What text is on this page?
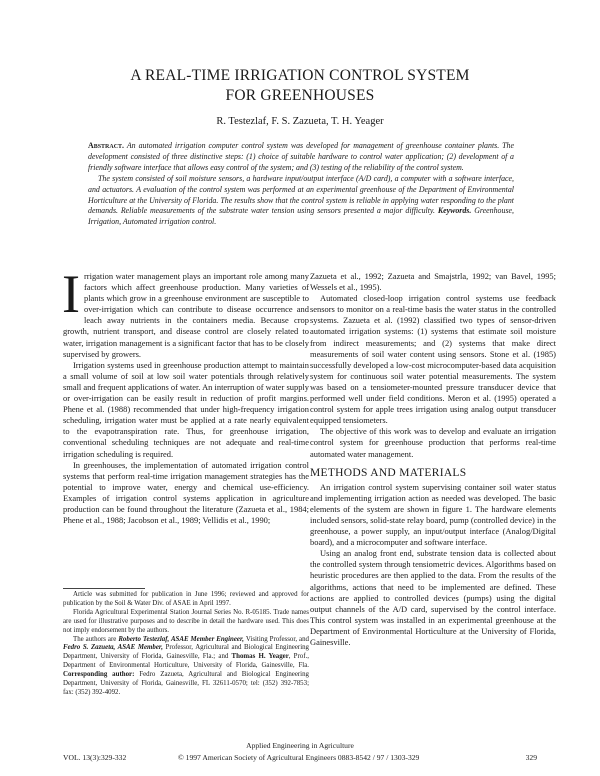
A REAL-TIME IRRIGATION CONTROL SYSTEM
FOR GREENHOUSES
R. Testezlaf, F. S. Zazueta, T. H. Yeager

Abstract. An automated irrigation computer control system was developed for management of greenhouse container plants. The development consisted of three distinctive steps: (1) choice of suitable hardware to control water application; (2) development of a friendly software interface that allows easy control of the system; and (3) testing of the reliability of the control system.

The system consisted of soil moisture sensors, a hardware input/output interface (A/D card), a computer with a software interface, and actuators. A evaluation of the control system was performed at an experimental greenhouse of the Department of Environmental Horticulture at the University of Florida. The results show that the control system is reliable in applying water responding to the plant demands. Reliable measurements of the substrate water tension using sensors presented a major difficulty. Keywords. Greenhouse, Irrigation, Automated irrigation control.

Irrigation water management plays an important role among many factors which affect greenhouse production. Many varieties of plants which grow in a greenhouse environment are susceptible to over-irrigation which can contribute to disease occurrence and leach away nutrients in the containers media. Because crop growth, nutrient transport, and disease control are closely related to water, irrigation management is a significant factor that has to be closely supervised by growers.

Irrigation systems used in greenhouse production attempt to maintain a small volume of soil at low soil water potentials through relatively small and frequent applications of water. An interruption of water supply or over-irrigation can be easily result in reduction of profit margins. Phene et al. (1988) recommended that under high-frequency irrigation scheduling, irrigation water must be applied at a rate nearly equivalent to the evapotranspiration rate. Thus, for greenhouse irrigation, conventional scheduling techniques are not adequate and real-time irrigation scheduling is required.

In greenhouses, the implementation of automated irrigation control systems that perform real-time irrigation management strategies has the potential to improve water, energy and chemical use-efficiency. Examples of irrigation control systems application in agriculture production can be found throughout the literature (Zazueta et al., 1984; Phene et al., 1988; Jacobson et al., 1989; Vellidis et al., 1990;

Article was submitted for publication in June 1996; reviewed and approved for publication by the Soil & Water Div. of ASAE in April 1997.

Florida Agricultural Experimental Station Journal Series No. R-05185. Trade names are used for illustrative purposes and to describe in detail the hardware used. This does not imply endorsement by the authors.

The authors are Roberto Testezlaf, ASAE Member Engineer, Visiting Professor, and Fedro S. Zazueta, ASAE Member, Professor, Agricultural and Biological Engineering Department, University of Florida, Gainesville, Fla.; and Thomas H. Yeager, Prof., Department of Environmental Horticulture, University of Florida, Gainesville, Fla. Corresponding author: Fedro Zazueta, Agricultural and Biological Engineering Department, University of Florida, Gainesville, FL 32611-0570; tel: (352) 392-7853; fax: (352) 392-4092.

Zazueta et al., 1992; Zazueta and Smajstrla, 1992; van Bavel, 1995; Wessels et al., 1995).

Automated closed-loop irrigation control systems use feedback sensors to monitor on a real-time basis the water status in the controlled systems. Zazueta et al. (1992) classified two types of sensor-driven automated irrigation systems: (1) systems that estimate soil moisture from indirect measurements; and (2) systems that make direct measurements of soil water content using sensors. Stone et al. (1985) successfully developed a low-cost microcomputer-based data acquisition system for continuous soil water potential measurements. The system was based on a tensiometer-mounted pressure transducer device that performed well under field conditions. Meron et al. (1995) operated a control system for apple trees irrigation using analog output transducer equipped tensiometers.

The objective of this work was to develop and evaluate an irrigation control system for greenhouse production that performs real-time automated water management.

METHODS AND MATERIALS

An irrigation control system supervising container soil water status and implementing irrigation action as needed was developed. The basic elements of the system are shown in figure 1. The hardware elements included sensors, solid-state relay board, pump (controlled device) in the greenhouse, a power supply, an input/output interface (Analog/Digital board), and a microcomputer and software interface.

Using an analog front end, substrate tension data is collected about the controlled system through tensiometric devices. Algorithms based on heuristic procedures are then applied to the data. From the results of the algorithms, actions that need to be implemented are defined. These actions are applied to controlled devices (pumps) using the digital output channels of the A/D card, supervised by the control interface. This control system was installed in an experimental greenhouse at the Department of Environmental Horticulture at the University of Florida, Gainesville.

Applied Engineering in Agriculture
VOL. 13(3):329-332	© 1997 American Society of Agricultural Engineers 0883-8542 / 97 / 1303-329	329
